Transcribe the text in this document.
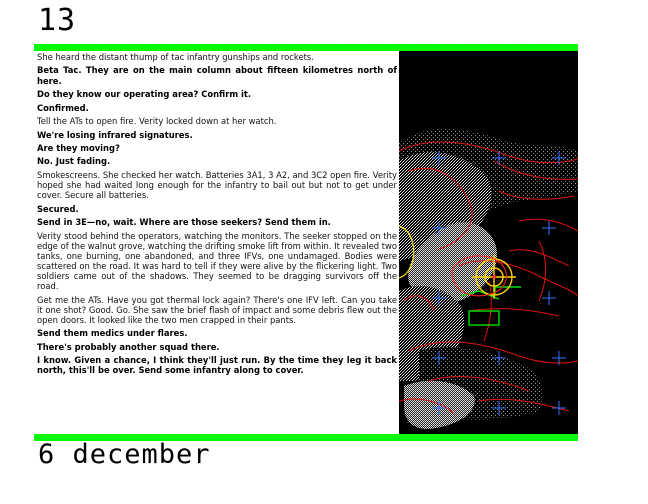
13

She heard the distant thump of tac infantry gunships and rockets.

Beta Tac. They are on the main column about fifteen kilometres north of here.

Do they know our operating area? Confirm it.

Confirmed.

Tell the ATs to open fire. Verity locked down at her watch.

We're losing infrared signatures.

Are they moving?

No. Just fading.

Smokescreens. She checked her watch. Batteries 3A1, 3 A2, and 3C2 open fire. Verity hoped she had waited long enough for the infantry to bail out but not to get under cover. Secure all batteries.

Secured.

Send in 3E—no, wait. Where are those seekers? Send them in.

Verity stood behind the operators, watching the monitors. The seeker stopped on the edge of the walnut grove, watching the drifting smoke lift from within. It revealed two tanks, one burning, one abandoned, and three IFVs, one undamaged. Bodies were scattered on the road. It was hard to tell if they were alive by the flickering light. Two soldiers came out of the shadows. They seemed to be dragging survivors off the road.

Get me the ATs. Have you got thermal lock again? There's one IFV left. Can you take it one shot? Good. Go. She saw the brief flash of impact and some debris flew out the open doors. It looked like the two men crapped in their pants.

Send them medics under flares.

There's probably another squad there.

I know. Given a chance, I think they'll just run. By the time they leg it back north, this'll be over. Send some infantry along to cover.

6 december
